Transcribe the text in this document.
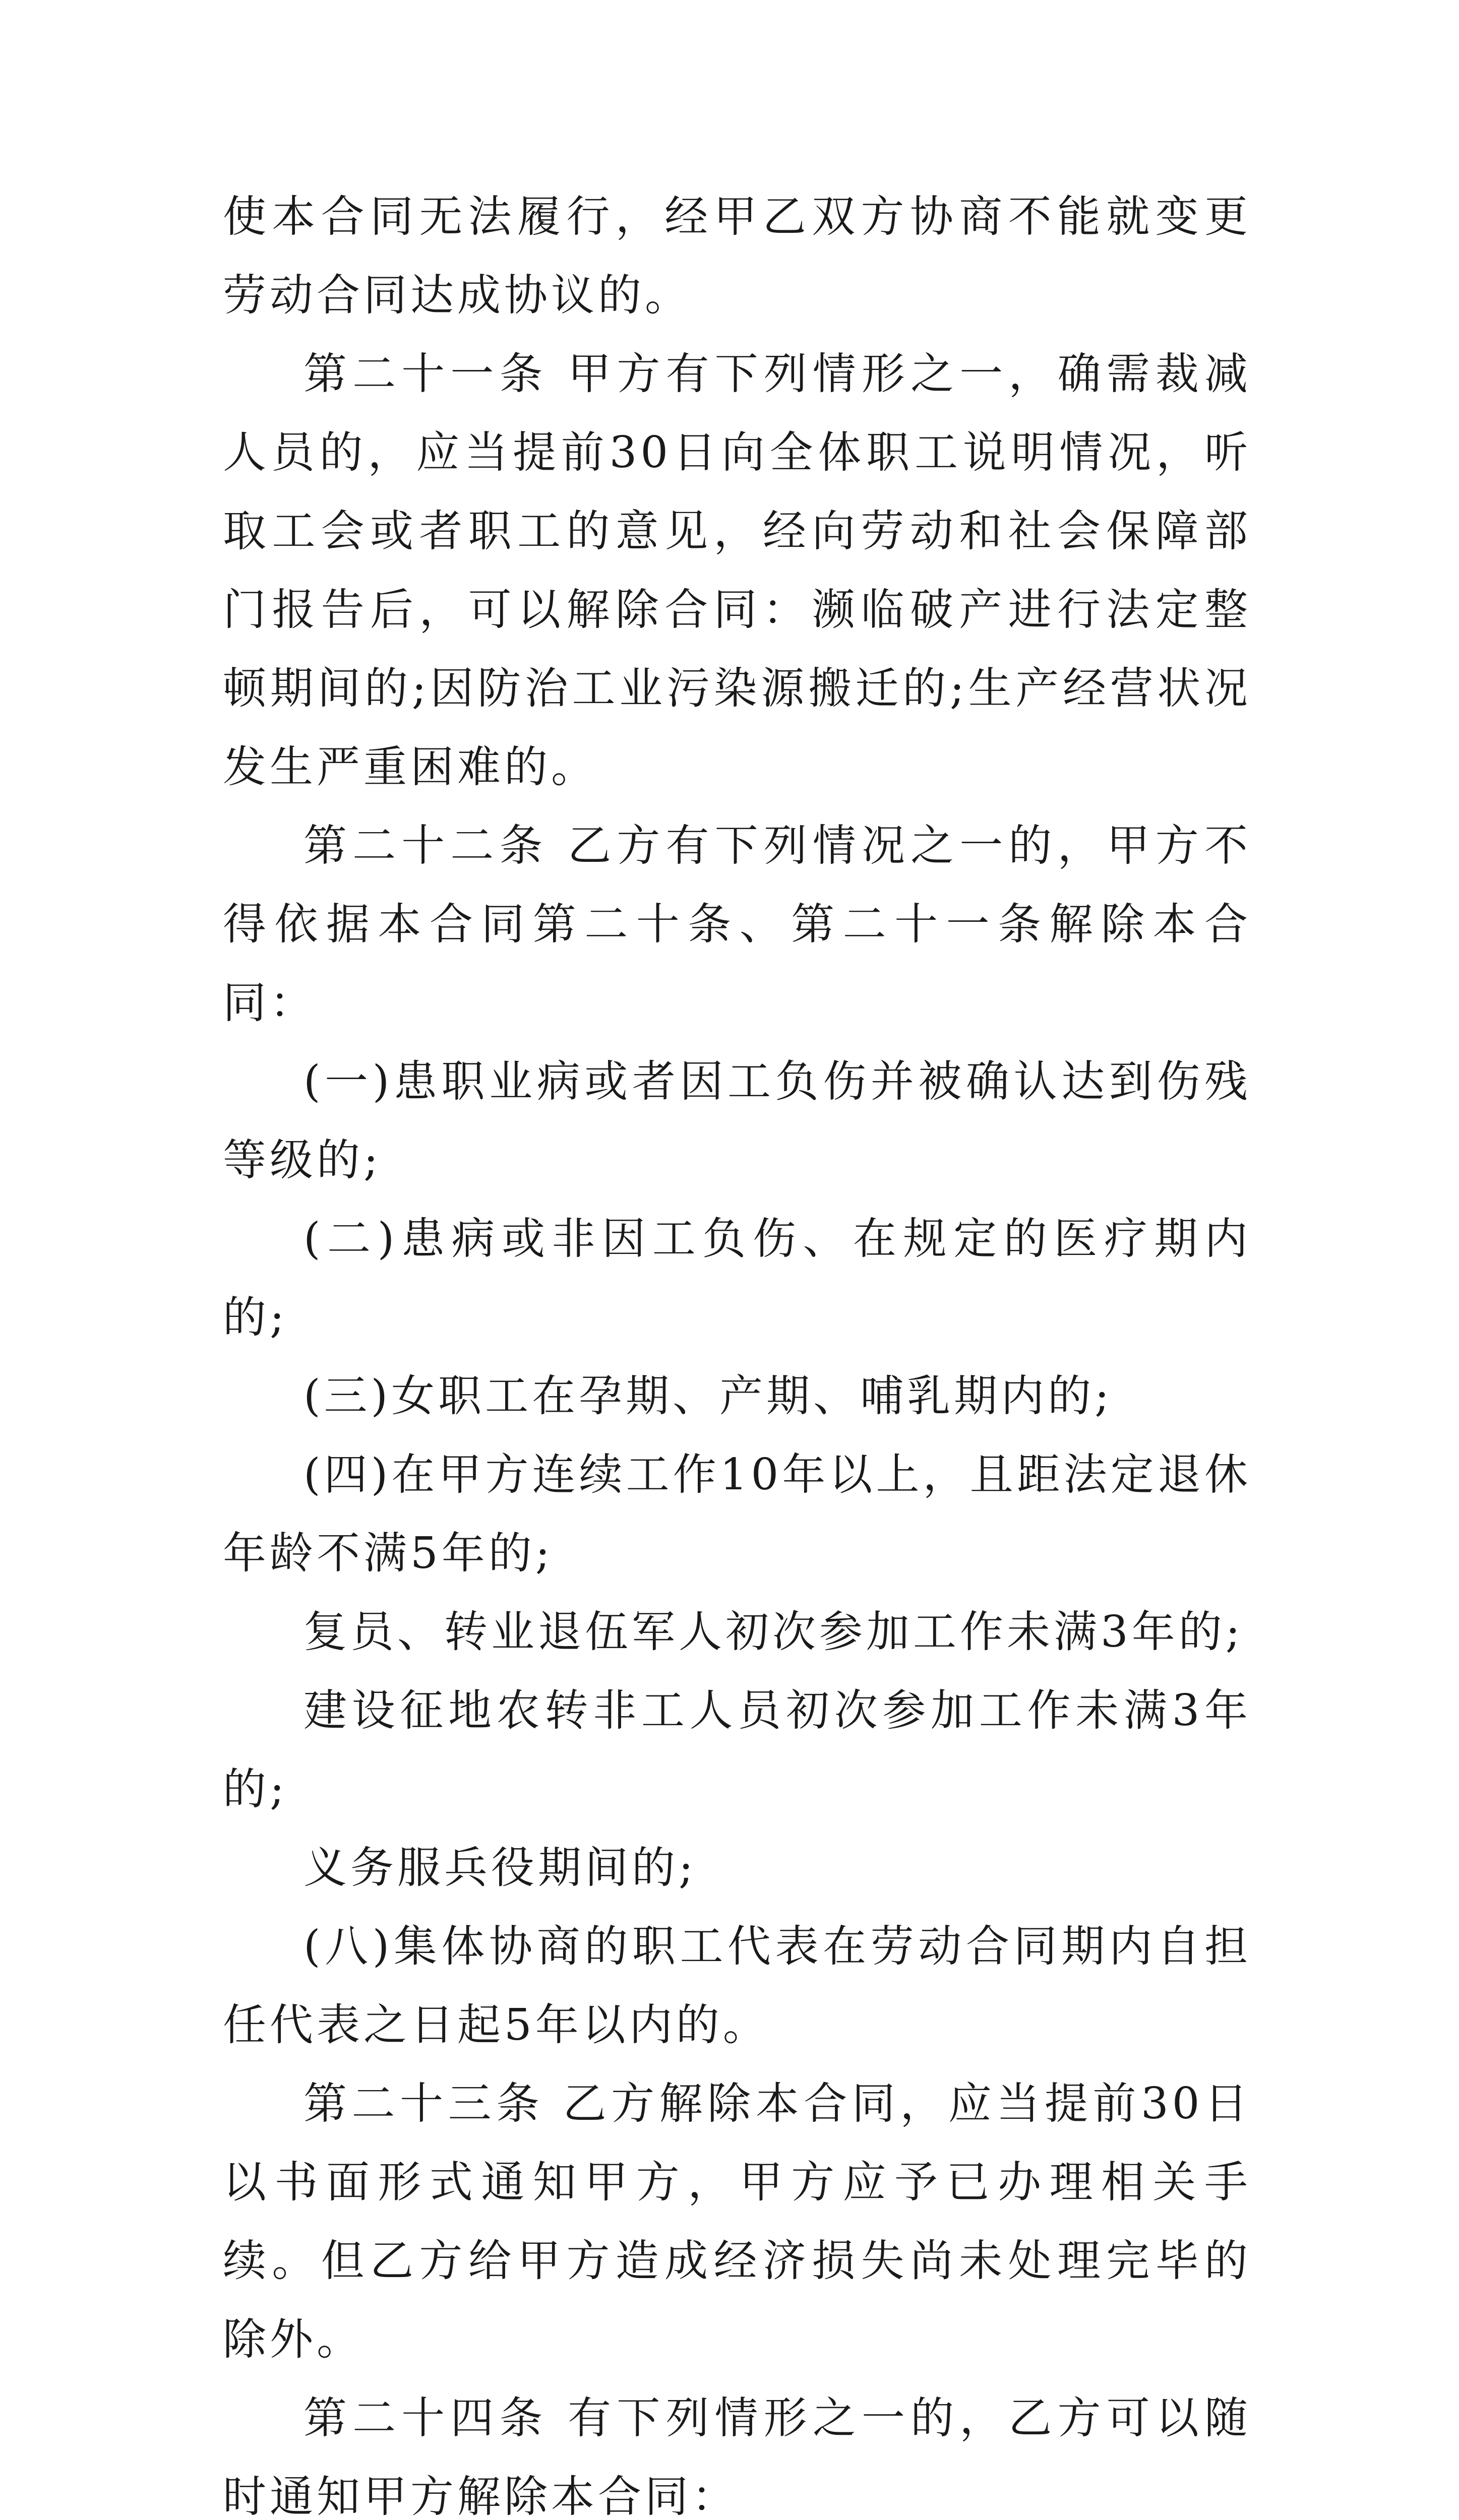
使本合同无法履行，经甲乙双方协商不能就变更劳动合同达成协议的。

第二十一条 甲方有下列情形之一，确需裁减人员的，应当提前30日向全体职工说明情况，听取工会或者职工的意见，经向劳动和社会保障部门报告后，可以解除合同：濒临破产进行法定整顿期间的;因防治工业污染源搬迁的;生产经营状况发生严重困难的。

第二十二条 乙方有下列情况之一的，甲方不得依据本合同第二十条、第二十一条解除本合同：

(一)患职业病或者因工负伤并被确认达到伤残等级的;

(二)患病或非因工负伤、在规定的医疗期内的;

(三)女职工在孕期、产期、哺乳期内的;

(四)在甲方连续工作10年以上，且距法定退休年龄不满5年的;

复员、转业退伍军人初次参加工作未满3年的;

建设征地农转非工人员初次参加工作未满3年的;

义务服兵役期间的;

(八)集体协商的职工代表在劳动合同期内自担任代表之日起5年以内的。

第二十三条 乙方解除本合同，应当提前30日以书面形式通知甲方，甲方应予已办理相关手续。但乙方给甲方造成经济损失尚未处理完毕的除外。

第二十四条 有下列情形之一的，乙方可以随时通知甲方解除本合同：
